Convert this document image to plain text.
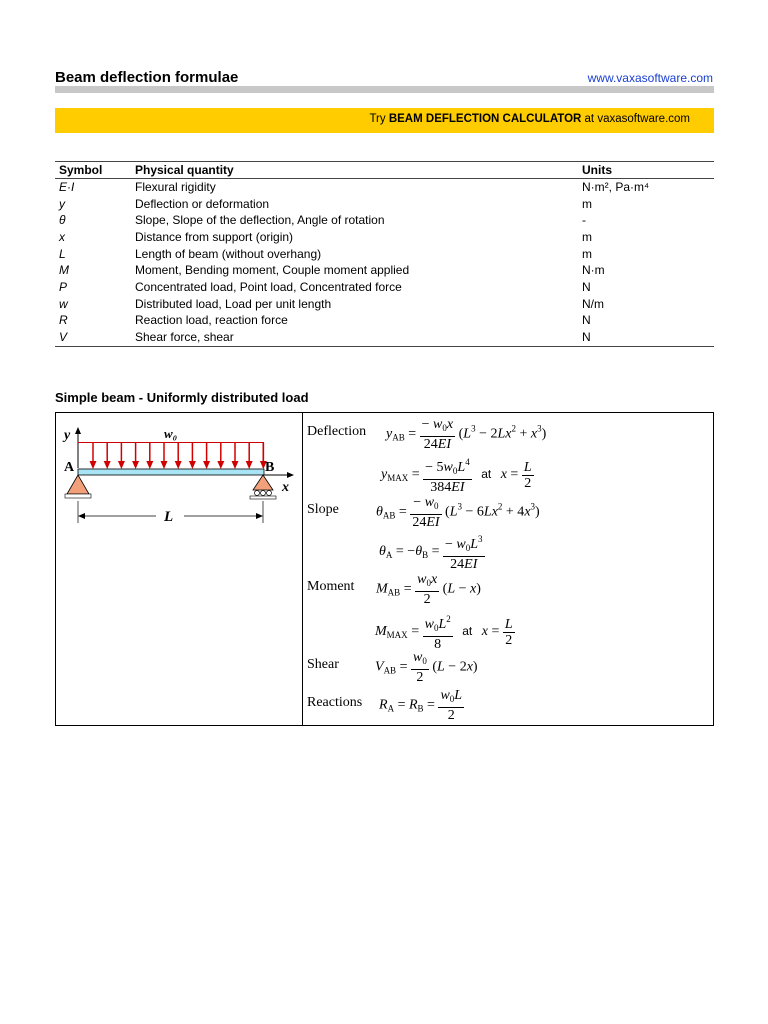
Beam deflection formulae	www.vaxasoftware.com
Try BEAM DEFLECTION CALCULATOR at vaxasoftware.com
Symbol	Physical quantity	Units
E·I	Flexural rigidity	N·m², Pa·m⁴
y	Deflection or deformation	m
θ	Slope, Slope of the deflection, Angle of rotation	-
x	Distance from support (origin)	m
L	Length of beam (without overhang)	m
M	Moment, Bending moment, Couple moment applied	N·m
P	Concentrated load, Point load, Concentrated force	N
w	Distributed load, Load per unit length	N/m
R	Reaction load, reaction force	N
V	Shear force, shear	N
Simple beam - Uniformly distributed load
y	w₀
x
A	B
L
Deflection $y_{AB} = \frac{- w_0x}{24EI} (L^3 - 2Lx^2 + x^3)$
$y_{MAX} = \frac{- 5w_0L^4}{384EI}$ at $x = \frac{L}{2}$
Slope	$\theta_{AB} = \frac{- w_0}{24EI} (L^3 - 6Lx^2 + 4x^3)$
$\theta_A = -\theta_B = \frac{- w_0L^3}{24EI}$
Moment $M_{AB} = \frac{w_0x}{2} (L - x)$
$M_{MAX} = \frac{w_0L^2}{8}$ at $x = \frac{L}{2}$
Shear	$V_{AB} = \frac{w_0}{2} (L - 2x)$
Reactions $R_A = R_B = \frac{w_0L}{2}$
